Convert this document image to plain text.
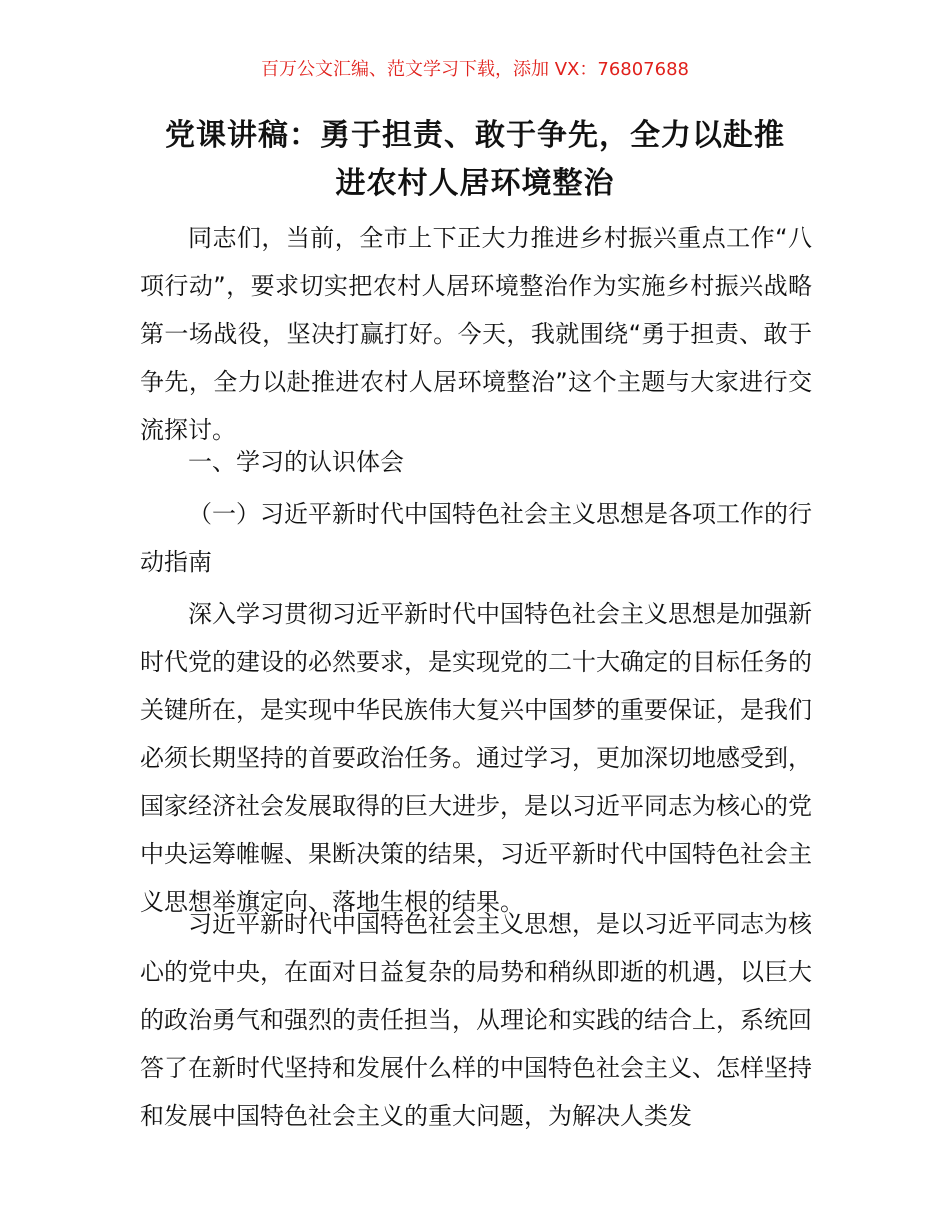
百万公文汇编、范文学习下载，添加 VX：76807688
党课讲稿：勇于担责、敢于争先，全力以赴推
进农村人居环境整治

同志们，当前，全市上下正大力推进乡村振兴重点工作“八项行动”，要求切实把农村人居环境整治作为实施乡村振兴战略第一场战役，坚决打赢打好。今天，我就围绕“勇于担责、敢于争先，全力以赴推进农村人居环境整治”这个主题与大家进行交流探讨。

一、学习的认识体会

（一）习近平新时代中国特色社会主义思想是各项工作的行动指南

深入学习贯彻习近平新时代中国特色社会主义思想是加强新时代党的建设的必然要求，是实现党的二十大确定的目标任务的关键所在，是实现中华民族伟大复兴中国梦的重要保证，是我们必须长期坚持的首要政治任务。通过学习，更加深切地感受到，国家经济社会发展取得的巨大进步，是以习近平同志为核心的党中央运筹帷幄、果断决策的结果，习近平新时代中国特色社会主义思想举旗定向、落地生根的结果。

习近平新时代中国特色社会主义思想，是以习近平同志为核心的党中央，在面对日益复杂的局势和稍纵即逝的机遇，以巨大的政治勇气和强烈的责任担当，从理论和实践的结合上，系统回答了在新时代坚持和发展什么样的中国特色社会主义、怎样坚持和发展中国特色社会主义的重大问题，为解决人类发
